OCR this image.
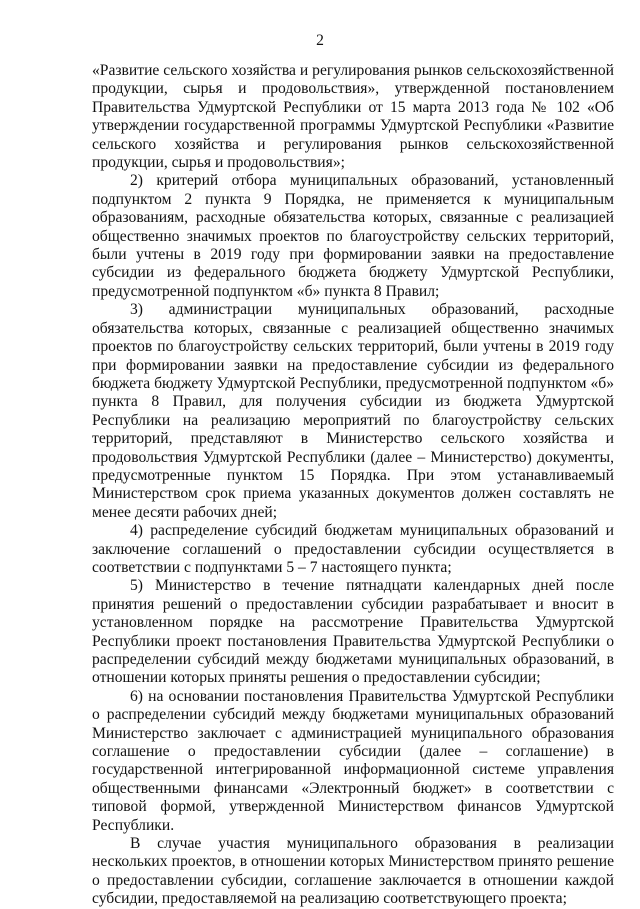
2

«Развитие сельского хозяйства и регулирования рынков сельскохозяйственной продукции, сырья и продовольствия», утвержденной постановлением Правительства Удмуртской Республики от 15 марта 2013 года № 102 «Об утверждении государственной программы Удмуртской Республики «Развитие сельского хозяйства и регулирования рынков сельскохозяйственной продукции, сырья и продовольствия»;

2) критерий отбора муниципальных образований, установленный подпунктом 2 пункта 9 Порядка, не применяется к муниципальным образованиям, расходные обязательства которых, связанные с реализацией общественно значимых проектов по благоустройству сельских территорий, были учтены в 2019 году при формировании заявки на предоставление субсидии из федерального бюджета бюджету Удмуртской Республики, предусмотренной подпунктом «б» пункта 8 Правил;

3) администрации муниципальных образований, расходные обязательства которых, связанные с реализацией общественно значимых проектов по благоустройству сельских территорий, были учтены в 2019 году при формировании заявки на предоставление субсидии из федерального бюджета бюджету Удмуртской Республики, предусмотренной подпунктом «б» пункта 8 Правил, для получения субсидии из бюджета Удмуртской Республики на реализацию мероприятий по благоустройству сельских территорий, представляют в Министерство сельского хозяйства и продовольствия Удмуртской Республики (далее – Министерство) документы, предусмотренные пунктом 15 Порядка. При этом устанавливаемый Министерством срок приема указанных документов должен составлять не менее десяти рабочих дней;

4) распределение субсидий бюджетам муниципальных образований и заключение соглашений о предоставлении субсидии осуществляется в соответствии с подпунктами 5 – 7 настоящего пункта;

5) Министерство в течение пятнадцати календарных дней после принятия решений о предоставлении субсидии разрабатывает и вносит в установленном порядке на рассмотрение Правительства Удмуртской Республики проект постановления Правительства Удмуртской Республики о распределении субсидий между бюджетами муниципальных образований, в отношении которых приняты решения о предоставлении субсидии;

6) на основании постановления Правительства Удмуртской Республики о распределении субсидий между бюджетами муниципальных образований Министерство заключает с администрацией муниципального образования соглашение о предоставлении субсидии (далее – соглашение) в государственной интегрированной информационной системе управления общественными финансами «Электронный бюджет» в соответствии с типовой формой, утвержденной Министерством финансов Удмуртской Республики.

В случае участия муниципального образования в реализации нескольких проектов, в отношении которых Министерством принято решение о предоставлении субсидии, соглашение заключается в отношении каждой субсидии, предоставляемой на реализацию соответствующего проекта;
